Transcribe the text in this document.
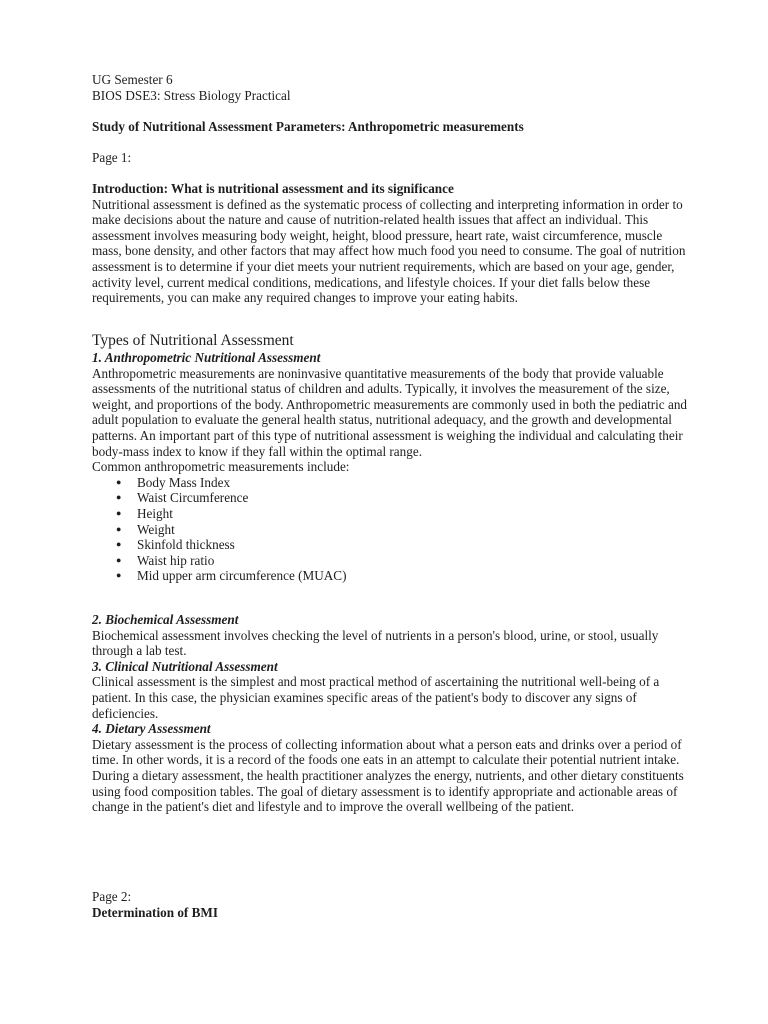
UG Semester 6

BIOS DSE3: Stress Biology Practical

Study of Nutritional Assessment Parameters: Anthropometric measurements

Page 1:

Introduction: What is nutritional assessment and its significance

Nutritional assessment is defined as the systematic process of collecting and interpreting information in order to make decisions about the nature and cause of nutrition-related health issues that affect an individual. This assessment involves measuring body weight, height, blood pressure, heart rate, waist circumference, muscle mass, bone density, and other factors that may affect how much food you need to consume. The goal of nutrition assessment is to determine if your diet meets your nutrient requirements, which are based on your age, gender, activity level, current medical conditions, medications, and lifestyle choices. If your diet falls below these requirements, you can make any required changes to improve your eating habits.

Types of Nutritional Assessment

1. Anthropometric Nutritional Assessment

Anthropometric measurements are noninvasive quantitative measurements of the body that provide valuable assessments of the nutritional status of children and adults. Typically, it involves the measurement of the size, weight, and proportions of the body. Anthropometric measurements are commonly used in both the pediatric and adult population to evaluate the general health status, nutritional adequacy, and the growth and developmental patterns. An important part of this type of nutritional assessment is weighing the individual and calculating their body-mass index to know if they fall within the optimal range.

Common anthropometric measurements include:

● Body Mass Index
● Waist Circumference
● Height
● Weight
● Skinfold thickness
● Waist hip ratio
● Mid upper arm circumference (MUAC)

2. Biochemical Assessment

Biochemical assessment involves checking the level of nutrients in a person's blood, urine, or stool, usually through a lab test.

3. Clinical Nutritional Assessment

Clinical assessment is the simplest and most practical method of ascertaining the nutritional well-being of a patient. In this case, the physician examines specific areas of the patient's body to discover any signs of deficiencies.

4. Dietary Assessment

Dietary assessment is the process of collecting information about what a person eats and drinks over a period of time. In other words, it is a record of the foods one eats in an attempt to calculate their potential nutrient intake. During a dietary assessment, the health practitioner analyzes the energy, nutrients, and other dietary constituents using food composition tables. The goal of dietary assessment is to identify appropriate and actionable areas of change in the patient's diet and lifestyle and to improve the overall wellbeing of the patient.

Page 2:

Determination of BMI
